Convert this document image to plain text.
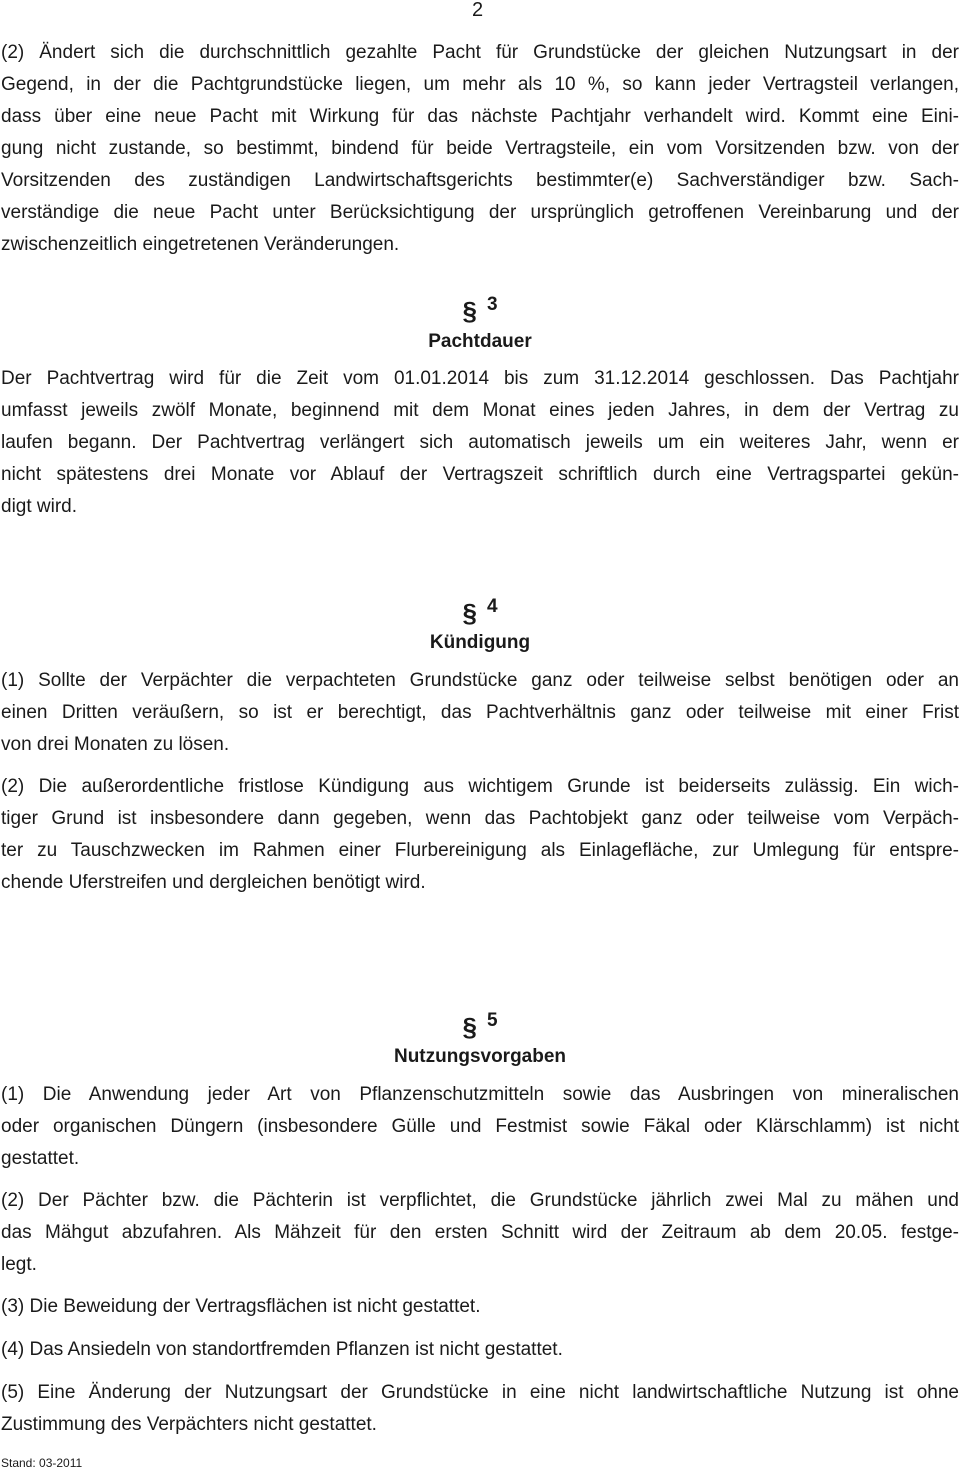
2

(2) Ändert sich die durchschnittlich gezahlte Pacht für Grundstücke der gleichen Nutzungsart in der
Gegend, in der die Pachtgrundstücke liegen, um mehr als 10 %, so kann jeder Vertragsteil verlangen,
dass über eine neue Pacht mit Wirkung für das nächste Pachtjahr verhandelt wird. Kommt eine Eini-
gung nicht zustande, so bestimmt, bindend für beide Vertragsteile, ein vom Vorsitzenden bzw. von der
Vorsitzenden des zuständigen Landwirtschaftsgerichts bestimmter(e) Sachverständiger bzw. Sach-
verständige die neue Pacht unter Berücksichtigung der ursprünglich getroffenen Vereinbarung und der
zwischenzeitlich eingetretenen Veränderungen.

§ 3
Pachtdauer

Der Pachtvertrag wird für die Zeit vom 01.01.2014 bis zum 31.12.2014 geschlossen. Das Pachtjahr
umfasst jeweils zwölf Monate, beginnend mit dem Monat eines jeden Jahres, in dem der Vertrag zu
laufen begann. Der Pachtvertrag verlängert sich automatisch jeweils um ein weiteres Jahr, wenn er
nicht spätestens drei Monate vor Ablauf der Vertragszeit schriftlich durch eine Vertragspartei gekün-
digt wird.

§ 4
Kündigung

(1) Sollte der Verpächter die verpachteten Grundstücke ganz oder teilweise selbst benötigen oder an
einen Dritten veräußern, so ist er berechtigt, das Pachtverhältnis ganz oder teilweise mit einer Frist
von drei Monaten zu lösen.

(2) Die außerordentliche fristlose Kündigung aus wichtigem Grunde ist beiderseits zulässig. Ein wich-
tiger Grund ist insbesondere dann gegeben, wenn das Pachtobjekt ganz oder teilweise vom Verpäch-
ter zu Tauschzwecken im Rahmen einer Flurbereinigung als Einlagefläche, zur Umlegung für entspre-
chende Uferstreifen und dergleichen benötigt wird.

§ 5
Nutzungsvorgaben

(1) Die Anwendung jeder Art von Pflanzenschutzmitteln sowie das Ausbringen von mineralischen
oder organischen Düngern (insbesondere Gülle und Festmist sowie Fäkal oder Klärschlamm) ist nicht
gestattet.

(2) Der Pächter bzw. die Pächterin ist verpflichtet, die Grundstücke jährlich zwei Mal zu mähen und
das Mähgut abzufahren. Als Mähzeit für den ersten Schnitt wird der Zeitraum ab dem 20.05. festge-
legt.

(3) Die Beweidung der Vertragsflächen ist nicht gestattet.

(4) Das Ansiedeln von standortfremden Pflanzen ist nicht gestattet.

(5) Eine Änderung der Nutzungsart der Grundstücke in eine nicht landwirtschaftliche Nutzung ist ohne
Zustimmung des Verpächters nicht gestattet.

Stand: 03-2011
